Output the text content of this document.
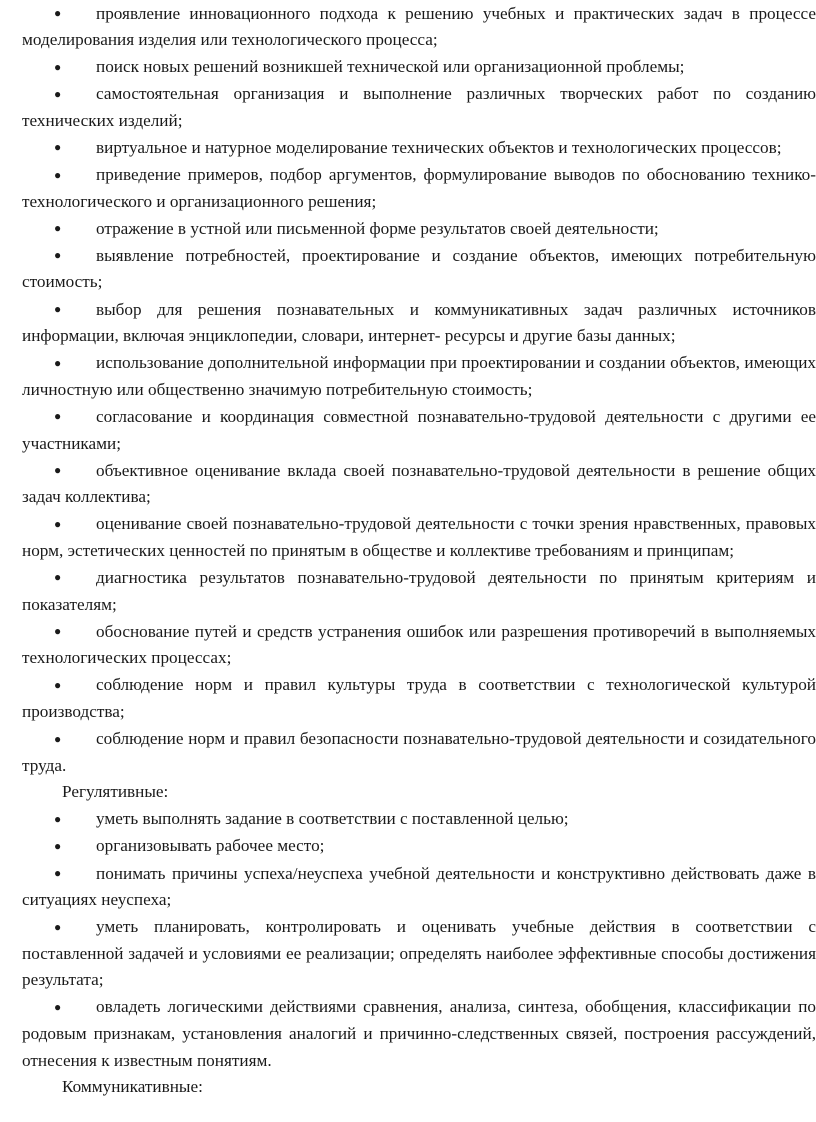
● проявление инновационного подхода к решению учебных и практических задач в процессе моделирования изделия или технологического процесса;

● поиск новых решений возникшей технической или организационной проблемы;

● самостоятельная организация и выполнение различных творческих работ по созданию технических изделий;

● виртуальное и натурное моделирование технических объектов и технологических процессов;

● приведение примеров, подбор аргументов, формулирование выводов по обоснованию технико-технологического и организационного решения;

● отражение в устной или письменной форме результатов своей деятельности;

● выявление потребностей, проектирование и создание объектов, имеющих потребительную стоимость;

● выбор для решения познавательных и коммуникативных задач различных источников информации, включая энциклопедии, словари, интернет- ресурсы и другие базы данных;

● использование дополнительной информации при проектировании и создании объектов, имеющих личностную или общественно значимую потребительную стоимость;

● согласование и координация совместной познавательно-трудовой деятельности с другими ее участниками;

● объективное оценивание вклада своей познавательно-трудовой деятельности в решение общих задач коллектива;

● оценивание своей познавательно-трудовой деятельности с точки зрения нравственных, правовых норм, эстетических ценностей по принятым в обществе и коллективе требованиям и принципам;

● диагностика результатов познавательно-трудовой деятельности по принятым критериям и показателям;

● обоснование путей и средств устранения ошибок или разрешения противоречий в выполняемых технологических процессах;

● соблюдение норм и правил культуры труда в соответствии с технологической культурой производства;

● соблюдение норм и правил безопасности познавательно-трудовой деятельности и созидательного труда.

Регулятивные:

● уметь выполнять задание в соответствии с поставленной целью;

● организовывать рабочее место;

● понимать причины успеха/неуспеха учебной деятельности и конструктивно действовать даже в ситуациях неуспеха;

● уметь планировать, контролировать и оценивать учебные действия в соответствии с поставленной задачей и условиями ее реализации; определять наиболее эффективные способы достижения результата;

● овладеть логическими действиями сравнения, анализа, синтеза, обобщения, классификации по родовым признакам, установления аналогий и причинно-следственных связей, построения рассуждений, отнесения к известным понятиям.

Коммуникативные:
